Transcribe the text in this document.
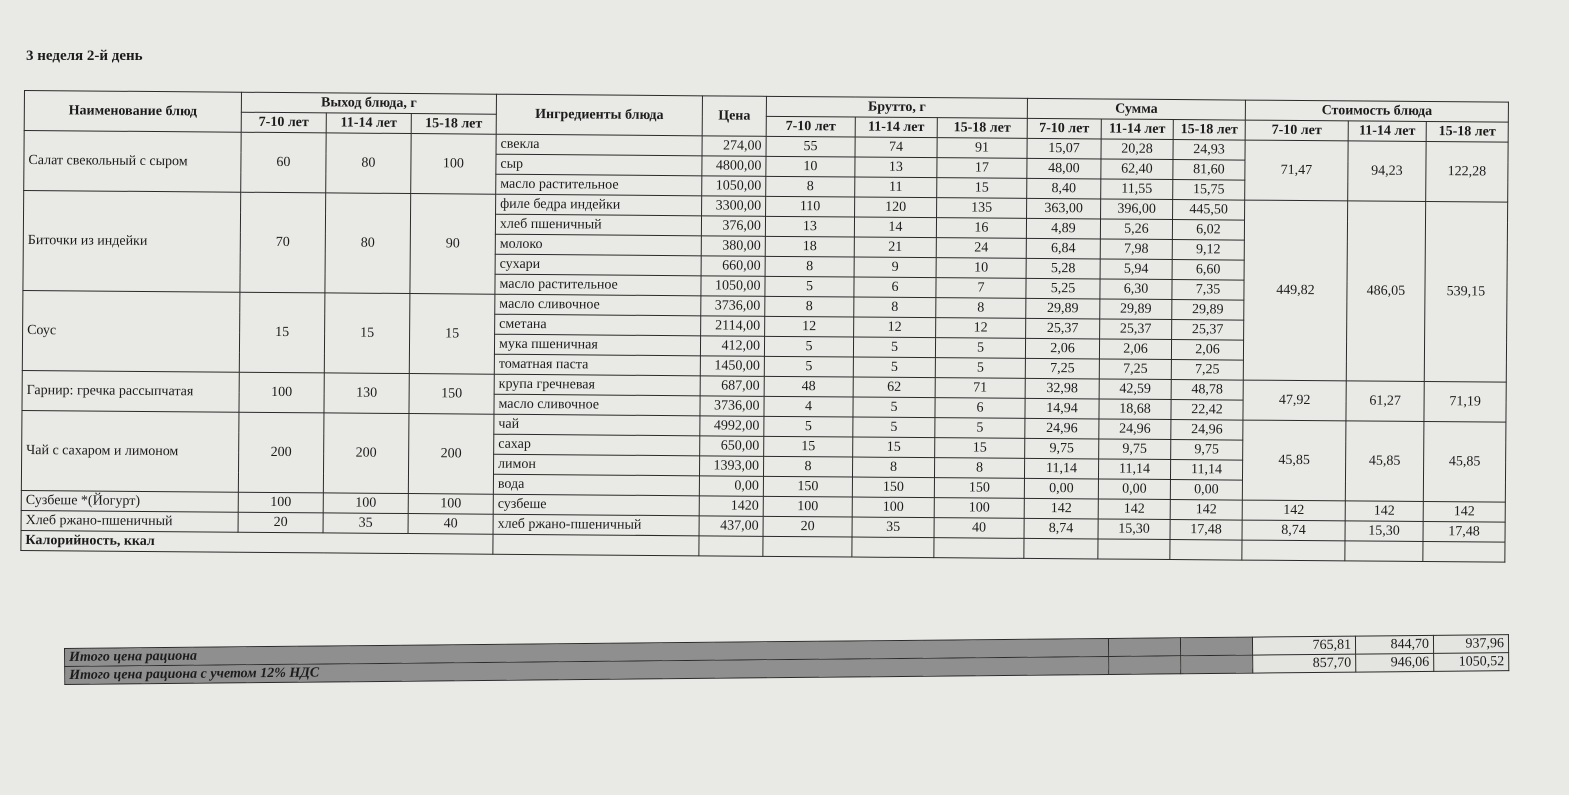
3 неделя 2-й день
Наименование блюд	Выход блюда, г			Ингредиенты блюда	Цена	Брутто, г			Сумма			Стоимость блюда		
	7-10 лет	11-14 лет	15-18 лет			7-10 лет	11-14 лет	15-18 лет	7-10 лет	11-14 лет	15-18 лет	7-10 лет	11-14 лет	15-18 лет
Салат свекольный с сыром	60	80	100	свекла	274,00	55	74	91	15,07	20,28	24,93	71,47	94,23	122,28
				сыр	4800,00	10	13	17	48,00	62,40	81,60			
				масло растительное	1050,00	8	11	15	8,40	11,55	15,75			
Биточки из индейки	70	80	90	филе бедра индейки	3300,00	110	120	135	363,00	396,00	445,50	449,82	486,05	539,15
				хлеб пшеничный	376,00	13	14	16	4,89	5,26	6,02			
				молоко	380,00	18	21	24	6,84	7,98	9,12			
				сухари	660,00	8	9	10	5,28	5,94	6,60			
				масло растительное	1050,00	5	6	7	5,25	6,30	7,35			
Соус	15	15	15	масло сливочное	3736,00	8	8	8	29,89	29,89	29,89			
				сметана	2114,00	12	12	12	25,37	25,37	25,37			
				мука пшеничная	412,00	5	5	5	2,06	2,06	2,06			
				томатная паста	1450,00	5	5	5	7,25	7,25	7,25			
Гарнир: гречка рассыпчатая	100	130	150	крупа гречневая	687,00	48	62	71	32,98	42,59	48,78	47,92	61,27	71,19
				масло сливочное	3736,00	4	5	6	14,94	18,68	22,42			
Чай с сахаром и лимоном	200	200	200	чай	4992,00	5	5	5	24,96	24,96	24,96	45,85	45,85	45,85
				сахар	650,00	15	15	15	9,75	9,75	9,75			
				лимон	1393,00	8	8	8	11,14	11,14	11,14			
				вода	0,00	150	150	150	0,00	0,00	0,00			
Сузбеше *(Йогурт)	100	100	100	сузбеше	1420	100	100	100	142	142	142	142	142	142
Хлеб ржано-пшеничный	20	35	40	хлеб ржано-пшеничный	437,00	20	35	40	8,74	15,30	17,48	8,74	15,30	17,48
Калорийность, ккал														
Итого цена рациона			765,81	844,70	937,96
Итого цена рациона с учетом 12% НДС			857,70	946,06	1050,52
